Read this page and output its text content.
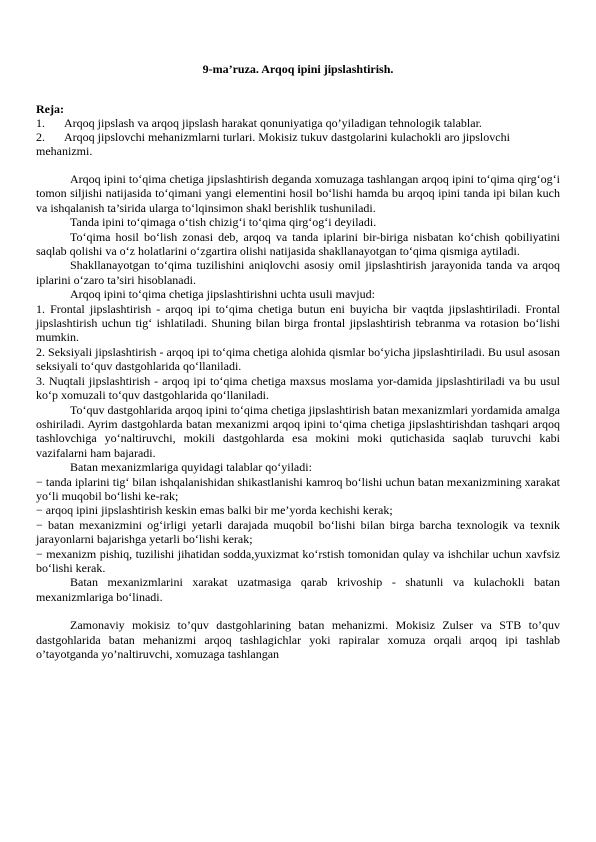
9-ma’ruza. Arqoq ipini jipslashtirish.
Reja:
1. Arqoq jipslash va arqoq jipslash harakat qonuniyatiga qo’yiladigan tehnologik talablar.
2. Arqoq jipslovchi mehanizmlarni turlari. Mokisiz tukuv dastgolarini kulachokli aro jipslovchi mehanizmi.

Arqoq ipini to‘qima chetiga jipslashtirish deganda xomuzaga tashlangan arqoq ipini to‘qima qirg‘og‘i tomon siljishi natijasida to‘qimani yangi elementini hosil bo‘lishi hamda bu arqoq ipini tanda ipi bilan kuch va ishqalanish ta’sirida ularga to‘lqinsimon shakl berishlik tushuniladi.

Tanda ipini to‘qimaga o‘tish chizig‘i to‘qima qirg‘og‘i deyiladi.

To‘qima hosil bo‘lish zonasi deb, arqoq va tanda iplarini bir-biriga nisbatan ko‘chish qobiliyatini saqlab qolishi va o‘z holatlarini o‘zgartira olishi natijasida shakllanayotgan to‘qima qismiga aytiladi.

Shakllanayotgan to‘qima tuzilishini aniqlovchi asosiy omil jipslashtirish jarayonida tanda va arqoq iplarini o‘zaro ta’siri hisoblanadi.

Arqoq ipini to‘qima chetiga jipslashtirishni uchta usuli mavjud:

1. Frontal jipslashtirish - arqoq ipi to‘qima chetiga butun eni buyicha bir vaqtda jipslashtiriladi. Frontal jipslashtirish uchun tig‘ ishlatiladi. Shuning bilan birga frontal jipslashtirish tebranma va rotasion bo‘lishi mumkin.

2. Seksiyali jipslashtirish - arqoq ipi to‘qima chetiga alohida qismlar bo‘yicha jipslashtiriladi. Bu usul asosan seksiyali to‘quv dastgohlarida qo‘llaniladi.

3. Nuqtali jipslashtirish - arqoq ipi to‘qima chetiga maxsus moslama yor-damida jipslashtiriladi va bu usul ko‘p xomuzali to‘quv dastgohlarida qo‘llaniladi.

To‘quv dastgohlarida arqoq ipini to‘qima chetiga jipslashtirish batan mexanizmlari yordamida amalga oshiriladi. Ayrim dastgohlarda batan mexanizmi arqoq ipini to‘qima chetiga jipslashtirishdan tashqari arqoq tashlovchiga yo‘naltiruvchi, mokili dastgohlarda esa mokini moki qutichasida saqlab turuvchi kabi vazifalarni ham bajaradi.

Batan mexanizmlariga quyidagi talablar qo‘yiladi:

− tanda iplarini tig‘ bilan ishqalanishidan shikastlanishi kamroq bo‘lishi uchun batan mexanizmining xarakat yo‘li muqobil bo‘lishi ke-rak;

− arqoq ipini jipslashtirish keskin emas balki bir me’yorda kechishi kerak;

− batan mexanizmini og‘irligi yetarli darajada muqobil bo‘lishi bilan birga barcha texnologik va texnik jarayonlarni bajarishga yetarli bo‘lishi kerak;

− mexanizm pishiq, tuzilishi jihatidan sodda,yuxizmat ko‘rstish tomonidan qulay va ishchilar uchun xavfsiz bo‘lishi kerak.

Batan mexanizmlarini xarakat uzatmasiga qarab krivoship - shatunli va kulachokli batan mexanizmlariga bo‘linadi.

Zamonaviy mokisiz to’quv dastgohlarining batan mehanizmi. Mokisiz Zulser va STB to’quv dastgohlarida batan mehanizmi arqoq tashlagichlar yoki rapiralar xomuza orqali arqoq ipi tashlab o’tayotganda yo’naltiruvchi, xomuzaga tashlangan
